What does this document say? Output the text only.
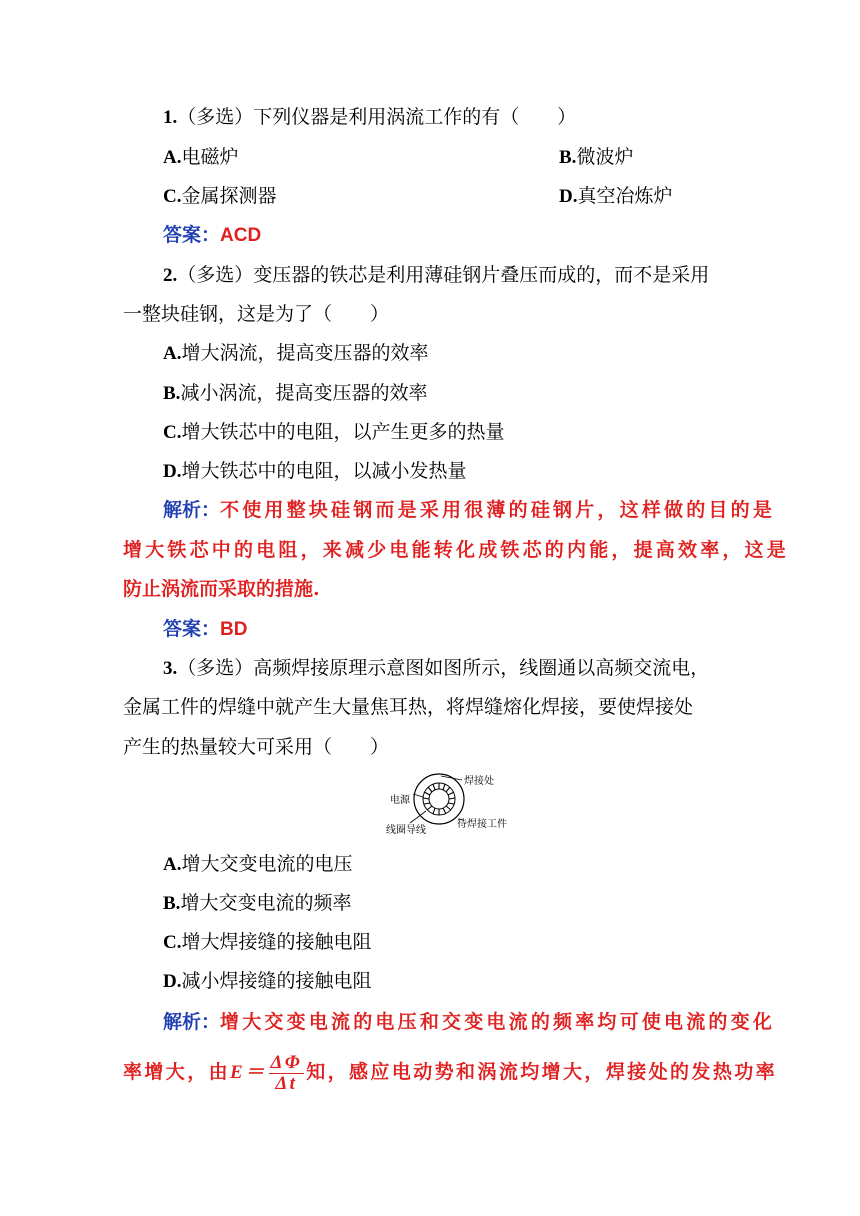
1.（多选）下列仪器是利用涡流工作的有（　　）
A.电磁炉	B.微波炉
C.金属探测器	D.真空冶炼炉
答案：ACD
2.（多选）变压器的铁芯是利用薄硅钢片叠压而成的，而不是采用
一整块硅钢，这是为了（　　）
A.增大涡流，提高变压器的效率
B.减小涡流，提高变压器的效率
C.增大铁芯中的电阻，以产生更多的热量
D.增大铁芯中的电阻，以减小发热量
解析：不使用整块硅钢而是采用很薄的硅钢片，这样做的目的是
增大铁芯中的电阻，来减少电能转化成铁芯的内能，提高效率，这是
防止涡流而采取的措施.
答案：BD
3.（多选）高频焊接原理示意图如图所示，线圈通以高频交流电，
金属工件的焊缝中就产生大量焦耳热，将焊缝熔化焊接，要使焊接处
产生的热量较大可采用（　　）
焊接处
电源
线圈导线
待焊接工件
A.增大交变电流的电压
B.增大交变电流的频率
C.增大焊接缝的接触电阻
D.减小焊接缝的接触电阻
解析：增大交变电流的电压和交变电流的频率均可使电流的变化
率增大，由$E= \frac{\Delta\Phi}{\Delta t}$ 知，感应电动势和涡流均增大，焊接处的发热功率
